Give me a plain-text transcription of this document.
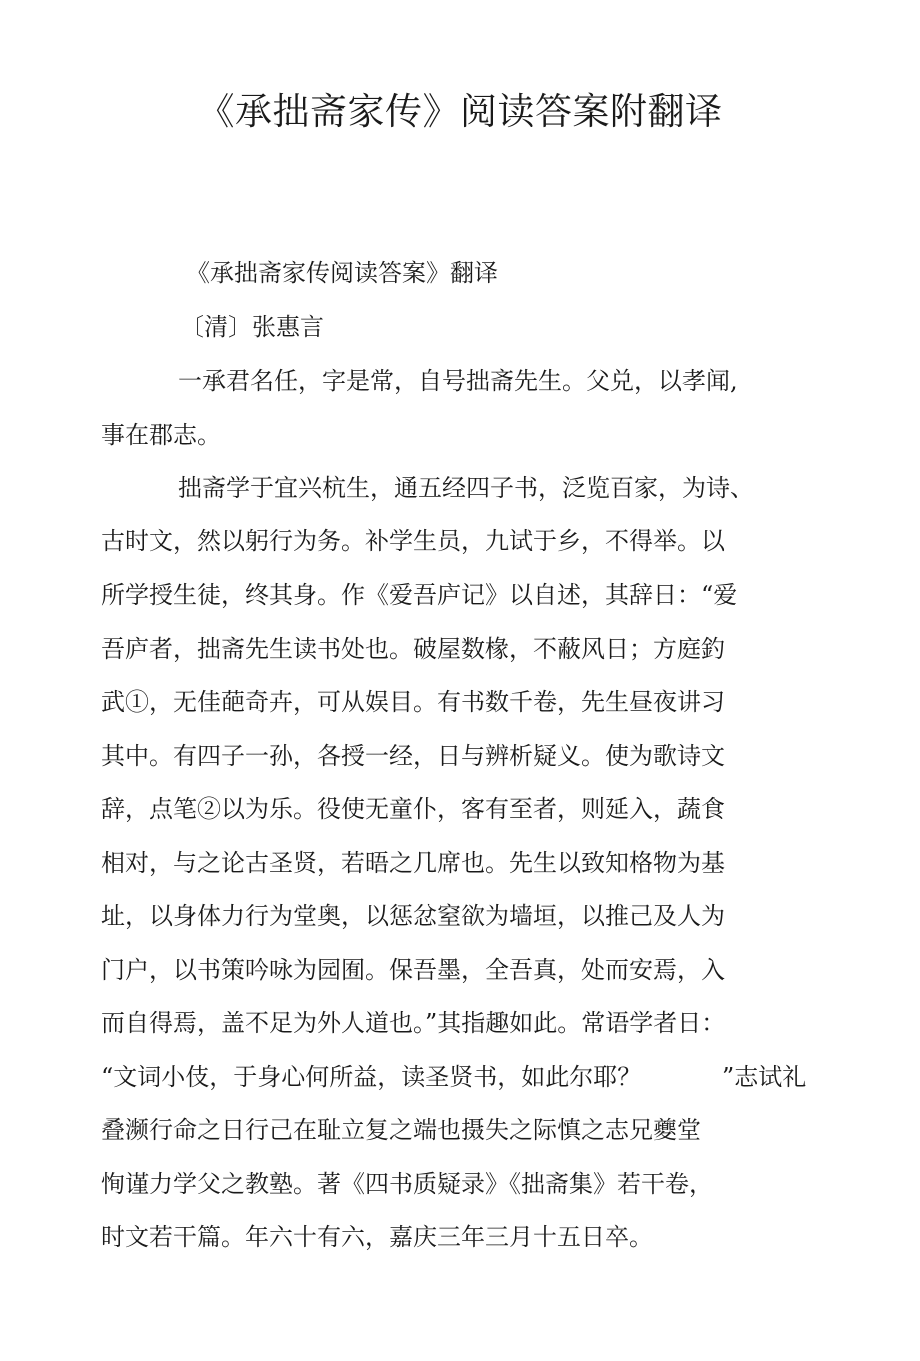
《承拙斋家传》阅读答案附翻译
《承拙斋家传阅读答案》翻译
〔清〕张惠言
一承君名任，字是常，自号拙斋先生。父兑，以孝闻,
事在郡志。
拙斋学于宜兴杭生，通五经四子书，泛览百家，为诗、
古时文，然以躬行为务。补学生员，九试于乡，不得举。以
所学授生徒，终其身。作《爱吾庐记》以自述，其辞日：“爱
吾庐者，拙斋先生读书处也。破屋数椽，不蔽风日；方庭釣
武①，无佳葩奇卉，可从娱目。有书数千卷，先生昼夜讲习
其中。有四子一孙，各授一经，日与辨析疑义。使为歌诗文
辞，点笔②以为乐。役使无童仆，客有至者，则延入，蔬食
相对，与之论古圣贤，若晤之几席也。先生以致知格物为基
址，以身体力行为堂奥，以惩忿窒欲为墙垣，以推己及人为
门户，以书策吟咏为园囿。保吾墨，全吾真，处而安焉，入
而自得焉，盖不足为外人道也。”其指趣如此。常语学者日：
“文词小伎，于身心何所益，读圣贤书，如此尔耶？	”志试礼
叠濒行命之日行己在耻立复之端也摄失之际慎之志兄夔堂
恂谨力学父之教塾。著《四书质疑录》《拙斋集》若干卷，
时文若干篇。年六十有六，嘉庆三年三月十五日卒。
